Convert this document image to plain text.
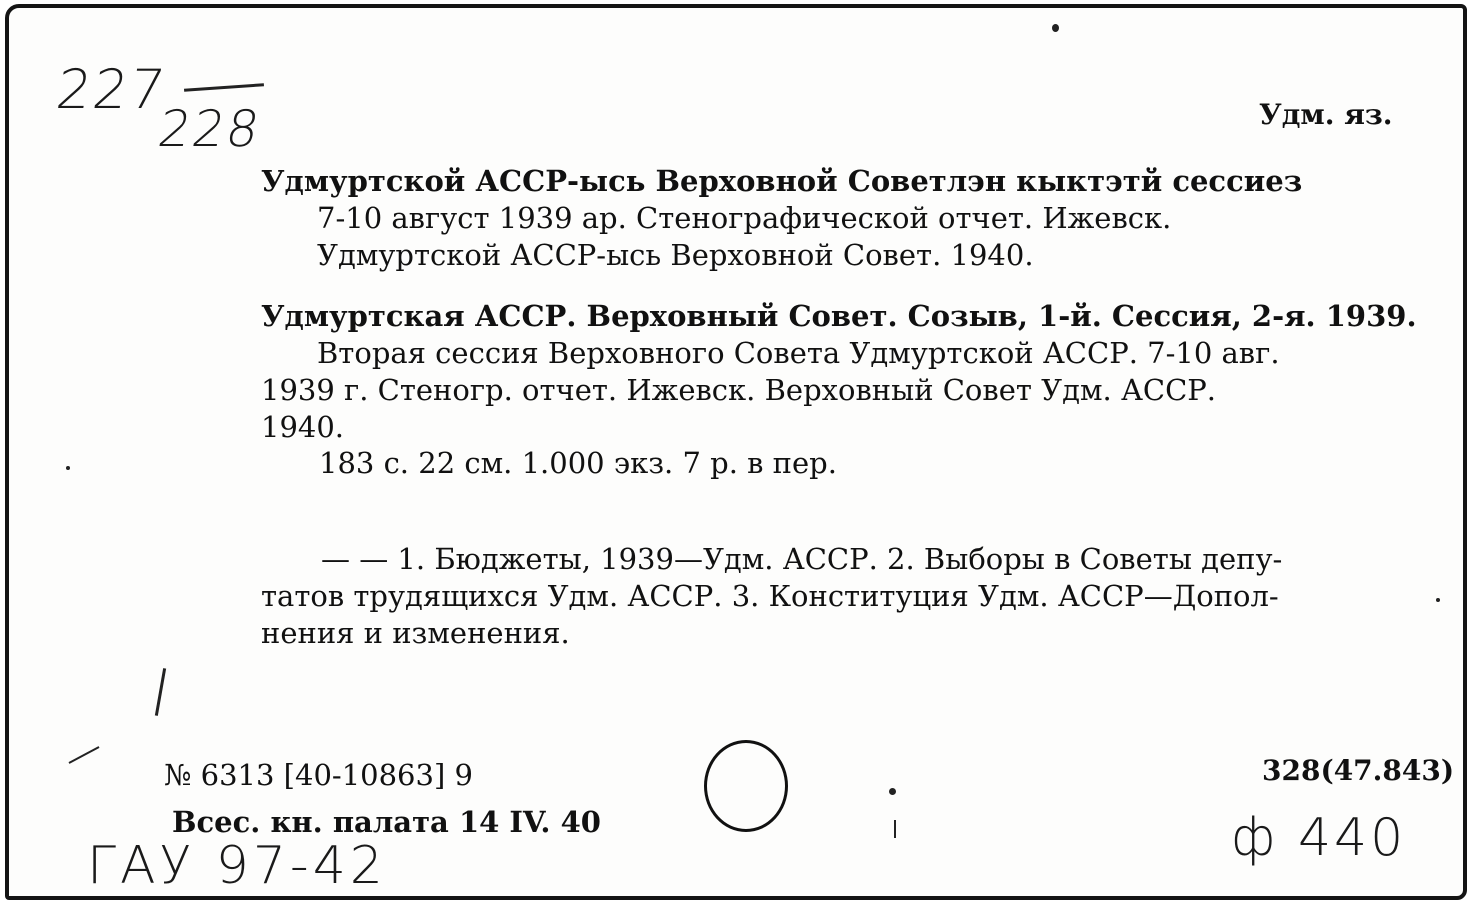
227
228	Удм. яз.
Удмуртской АССР-ысь Верховной Советлэн кыктэтй сессиез
7-10 август 1939 ар. Стенографической отчет. Ижевск.
Удмуртской АССР-ысь Верховной Совет. 1940.
Удмуртская АССР. Верховный Совет. Созыв, 1-й. Сессия, 2-я. 1939.
Вторая сессия Верховного Совета Удмуртской АССР. 7-10 авг.
1939 г. Стеногр. отчет. Ижевск. Верховный Совет Удм. АССР.
1940.
183 с. 22 см. 1.000 экз. 7 р. в пер.
— — 1. Бюджеты, 1939—Удм. АССР. 2. Выборы в Советы депу-
татов трудящихся Удм. АССР. 3. Конституция Удм. АССР—Допол-
нения и изменения.
№ 6313 [40-10863] 9
Всес. кн. палата 14 IV. 40
328(47.843)
ГАУ 97-42	ф 440
